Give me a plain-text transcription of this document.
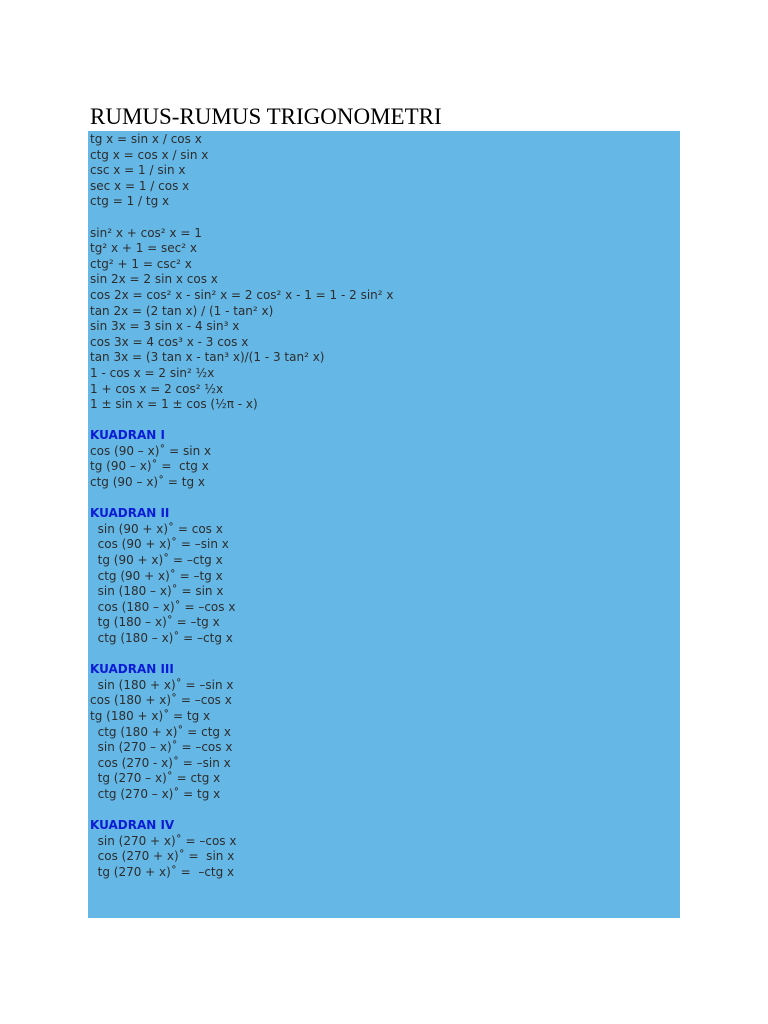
RUMUS-RUMUS TRIGONOMETRI
tg x = sin x / cos x
ctg x = cos x / sin x
csc x = 1 / sin x
sec x = 1 / cos x
ctg = 1 / tg x
sin² x + cos² x = 1
tg² x + 1 = sec² x
ctg² + 1 = csc² x
sin 2x = 2 sin x cos x
cos 2x = cos² x - sin² x = 2 cos² x - 1 = 1 - 2 sin² x
tan 2x = (2 tan x) / (1 - tan² x)
sin 3x = 3 sin x - 4 sin³ x
cos 3x = 4 cos³ x - 3 cos x
tan 3x = (3 tan x - tan³ x)/(1 - 3 tan² x)
1 - cos x = 2 sin² ½x
1 + cos x = 2 cos² ½x
1 ± sin x = 1 ± cos (½π - x)
KUADRAN I
cos (90 – x)˚ = sin x
tg (90 – x)˚ =  ctg x
ctg (90 – x)˚ = tg x
KUADRAN II
sin (90 + x)˚ = cos x
cos (90 + x)˚ = –sin x
tg (90 + x)˚ = –ctg x
ctg (90 + x)˚ = –tg x
sin (180 – x)˚ = sin x
cos (180 – x)˚ = –cos x
tg (180 – x)˚ = –tg x
ctg (180 – x)˚ = –ctg x
KUADRAN III
sin (180 + x)˚ = –sin x
cos (180 + x)˚ = –cos x
tg (180 + x)˚ = tg x
ctg (180 + x)˚ = ctg x
sin (270 – x)˚ = –cos x
cos (270 - x)˚ = –sin x
tg (270 – x)˚ = ctg x
ctg (270 – x)˚ = tg x
KUADRAN IV
sin (270 + x)˚ = –cos x
cos (270 + x)˚ =  sin x
tg (270 + x)˚ =  –ctg x
